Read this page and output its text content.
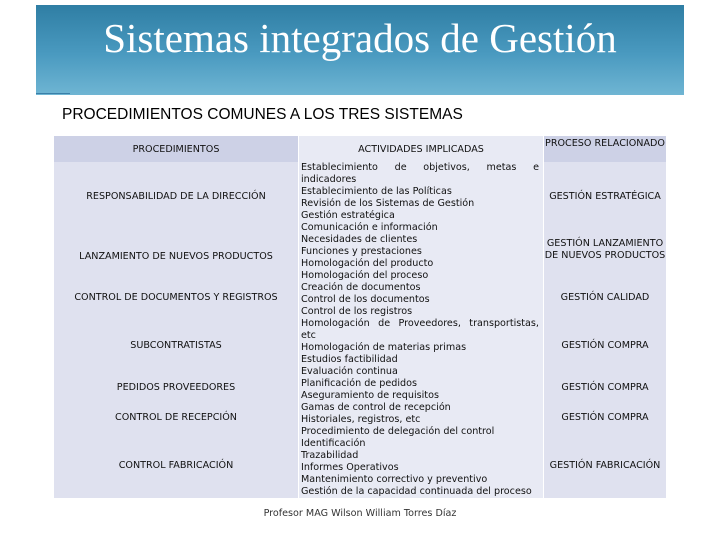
Sistemas integrados de Gestión
PROCEDIMIENTOS COMUNES A LOS TRES SISTEMAS
PROCEDIMIENTOS
RESPONSABILIDAD DE LA DIRECCIÓN
LANZAMIENTO DE NUEVOS PRODUCTOS
CONTROL DE DOCUMENTOS Y REGISTROS
SUBCONTRATISTAS
PEDIDOS PROVEEDORES
CONTROL DE RECEPCIÓN
CONTROL FABRICACIÓN
ACTIVIDADES IMPLICADAS
Establecimiento de objetivos, metas e indicadores
Establecimiento de las Políticas
Revisión de los Sistemas de Gestión
Gestión estratégica
Comunicación e información
Necesidades de clientes
Funciones y prestaciones
Homologación del producto
Homologación del proceso
Creación de documentos
Control de los documentos
Control de los registros
Homologación de Proveedores, transportistas, etc
Homologación de materias primas
Estudios factibilidad
Evaluación continua
Planificación de pedidos
Aseguramiento de requisitos
Gamas de control de recepción
Historiales, registros, etc
Procedimiento de delegación del control
Identificación
Trazabilidad
Informes Operativos
Mantenimiento correctivo y preventivo
Gestión de la capacidad continuada del proceso
PROCESO RELACIONADO
GESTIÓN ESTRATÉGICA
GESTIÓN LANZAMIENTO DE NUEVOS PRODUCTOS
GESTIÓN CALIDAD
GESTIÓN COMPRA
GESTIÓN COMPRA
GESTIÓN COMPRA
GESTIÓN FABRICACIÓN
Profesor MAG Wilson William Torres Díaz
